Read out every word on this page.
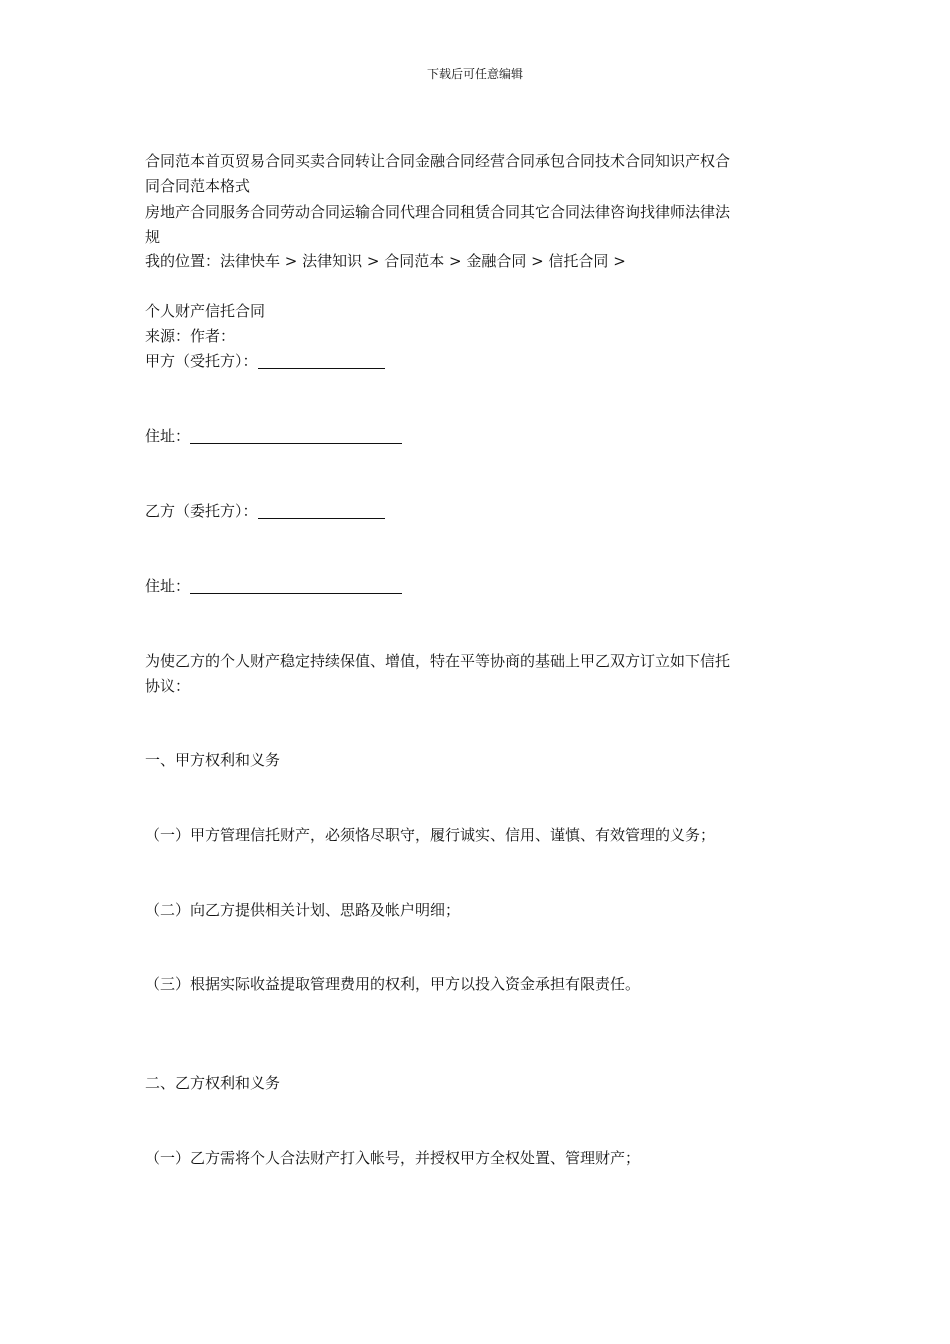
下载后可任意编辑
合同范本首页贸易合同买卖合同转让合同金融合同经营合同承包合同技术合同知识产权合
同合同范本格式
房地产合同服务合同劳动合同运输合同代理合同租赁合同其它合同法律咨询找律师法律法
规
我的位置：法律快车 > 法律知识 > 合同范本 > 金融合同 > 信托合同 >
个人财产信托合同
来源：作者：
甲方（受托方）：
住址：
乙方（委托方）：
住址：
为使乙方的个人财产稳定持续保值、增值，特在平等协商的基础上甲乙双方订立如下信托
协议：
一、甲方权利和义务
（一）甲方管理信托财产，必须恪尽职守，履行诚实、信用、谨慎、有效管理的义务；
（二）向乙方提供相关计划、思路及帐户明细；
（三）根据实际收益提取管理费用的权利，甲方以投入资金承担有限责任。
二、乙方权利和义务
（一）乙方需将个人合法财产打入帐号，并授权甲方全权处置、管理财产；
